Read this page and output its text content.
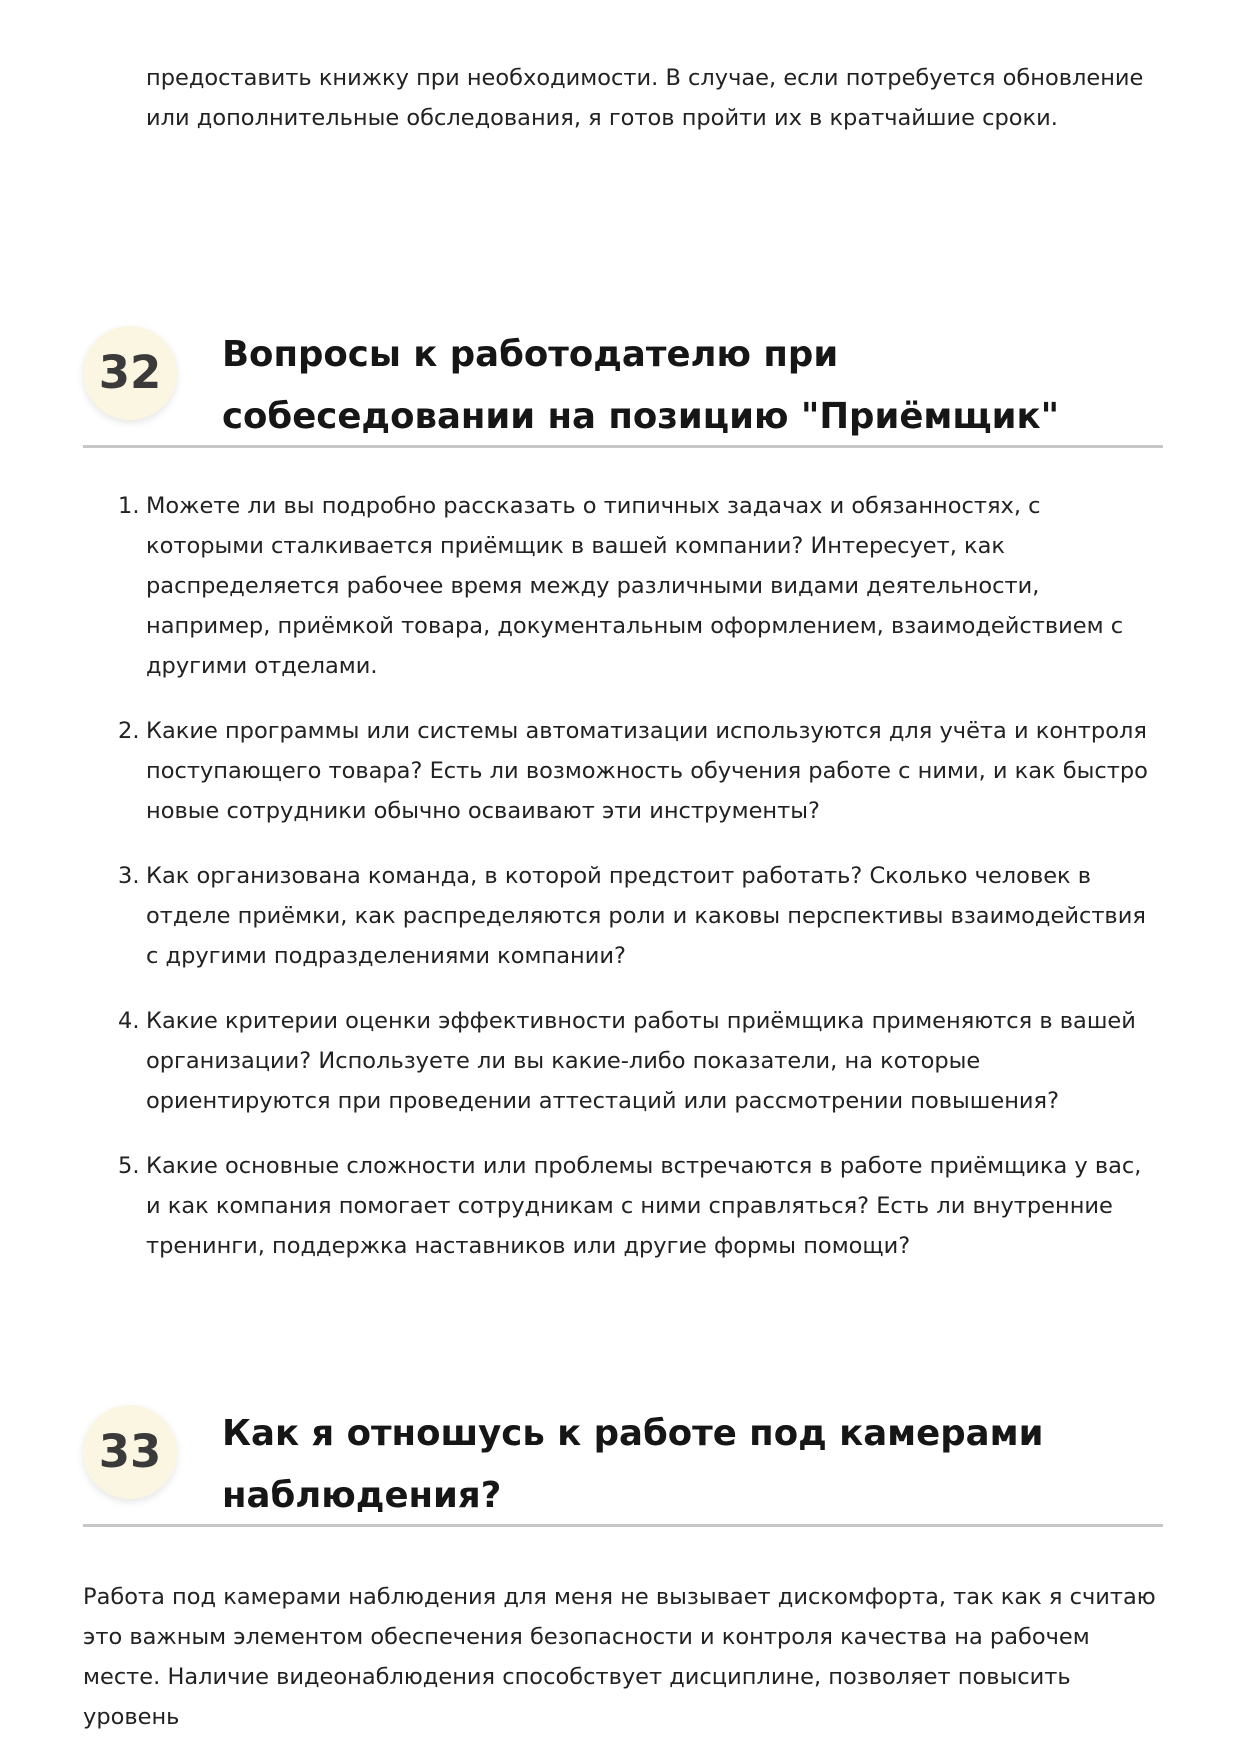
предоставить книжку при необходимости. В случае, если потребуется обновление или дополнительные обследования, я готов пройти их в кратчайшие сроки.

32	Вопросы к работодателю при собеседовании на позицию "Приёмщик"
1. Можете ли вы подробно рассказать о типичных задачах и обязанностях, с которыми сталкивается приёмщик в вашей компании? Интересует, как распределяется рабочее время между различными видами деятельности, например, приёмкой товара, документальным оформлением, взаимодействием с другими отделами.
2. Какие программы или системы автоматизации используются для учёта и контроля поступающего товара? Есть ли возможность обучения работе с ними, и как быстро новые сотрудники обычно осваивают эти инструменты?
3. Как организована команда, в которой предстоит работать? Сколько человек в отделе приёмки, как распределяются роли и каковы перспективы взаимодействия с другими подразделениями компании?
4. Какие критерии оценки эффективности работы приёмщика применяются в вашей организации? Используете ли вы какие-либо показатели, на которые ориентируются при проведении аттестаций или рассмотрении повышения?
5. Какие основные сложности или проблемы встречаются в работе приёмщика у вас, и как компания помогает сотрудникам с ними справляться? Есть ли внутренние тренинги, поддержка наставников или другие формы помощи?
33	Как я отношусь к работе под камерами наблюдения?

Работа под камерами наблюдения для меня не вызывает дискомфорта, так как я считаю это важным элементом обеспечения безопасности и контроля качества на рабочем месте. Наличие видеонаблюдения способствует дисциплине, позволяет повысить уровень
